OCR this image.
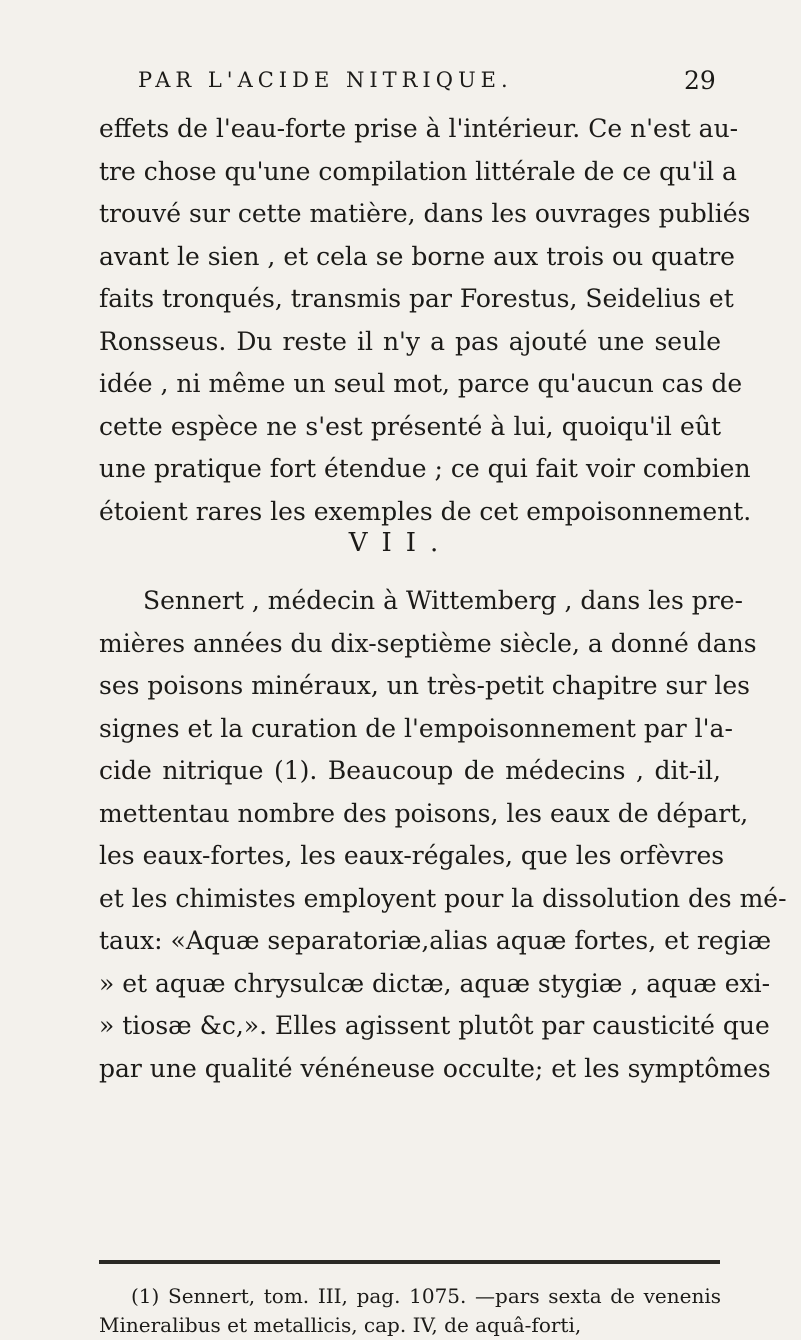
PAR L'ACIDE NITRIQUE.	29
effets de l'eau-forte prise à l'intérieur. Ce n'est au-
tre chose qu'une compilation littérale de ce qu'il a
trouvé sur cette matière, dans les ouvrages publiés
avant le sien , et cela se borne aux trois ou quatre
faits tronqués, transmis par Forestus, Seidelius et
Ronsseus. Du reste il n'y a pas ajouté une seule
idée , ni même un seul mot, parce qu'aucun cas de
cette espèce ne s'est présenté à lui, quoiqu'il eût
une pratique fort étendue ; ce qui fait voir combien
étoient rares les exemples de cet empoisonnement.
VII.
Sennert , médecin à Wittemberg , dans les pre-
mières années du dix-septième siècle, a donné dans
ses poisons minéraux, un très-petit chapitre sur les
signes et la curation de l'empoisonnement par l'a-
cide nitrique (1). Beaucoup de médecins , dit-il,
mettentau nombre des poisons, les eaux de départ,
les eaux-fortes, les eaux-régales, que les orfèvres
et les chimistes employent pour la dissolution des mé-
taux: «Aquæ separatoriæ,alias aquæ fortes, et regiæ
» et aquæ chrysulcæ dictæ, aquæ stygiæ , aquæ exi-
» tiosæ &c,». Elles agissent plutôt par causticité que
par une qualité vénéneuse occulte; et les symptômes
(1) Sennert, tom. III, pag. 1075. —pars sexta de venenis
Mineralibus et metallicis, cap. IV, de aquâ-forti,
